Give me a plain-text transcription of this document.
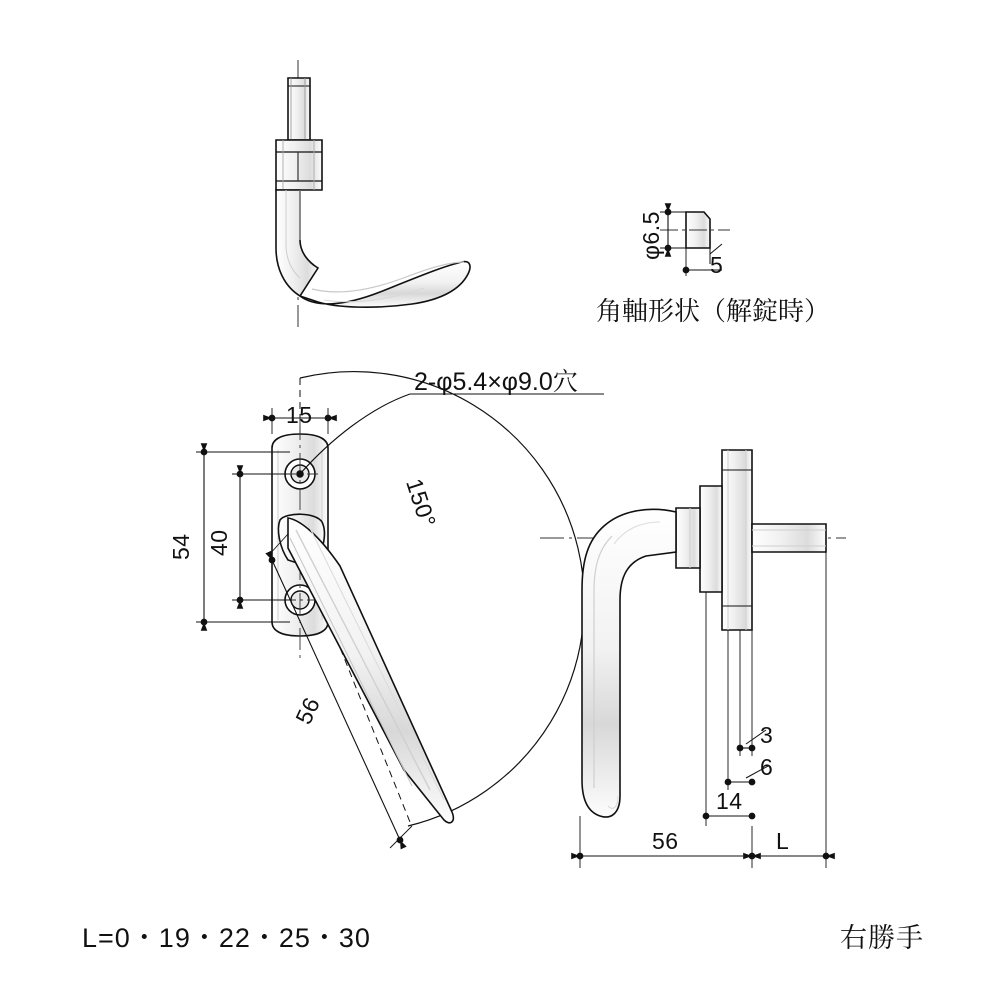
φ6.5
5
角軸形状（解錠時）
15
2-φ5.4×φ9.0穴
150°
54 40
56
3
6
14
56	L
L=0・19・22・25・30	右勝手
